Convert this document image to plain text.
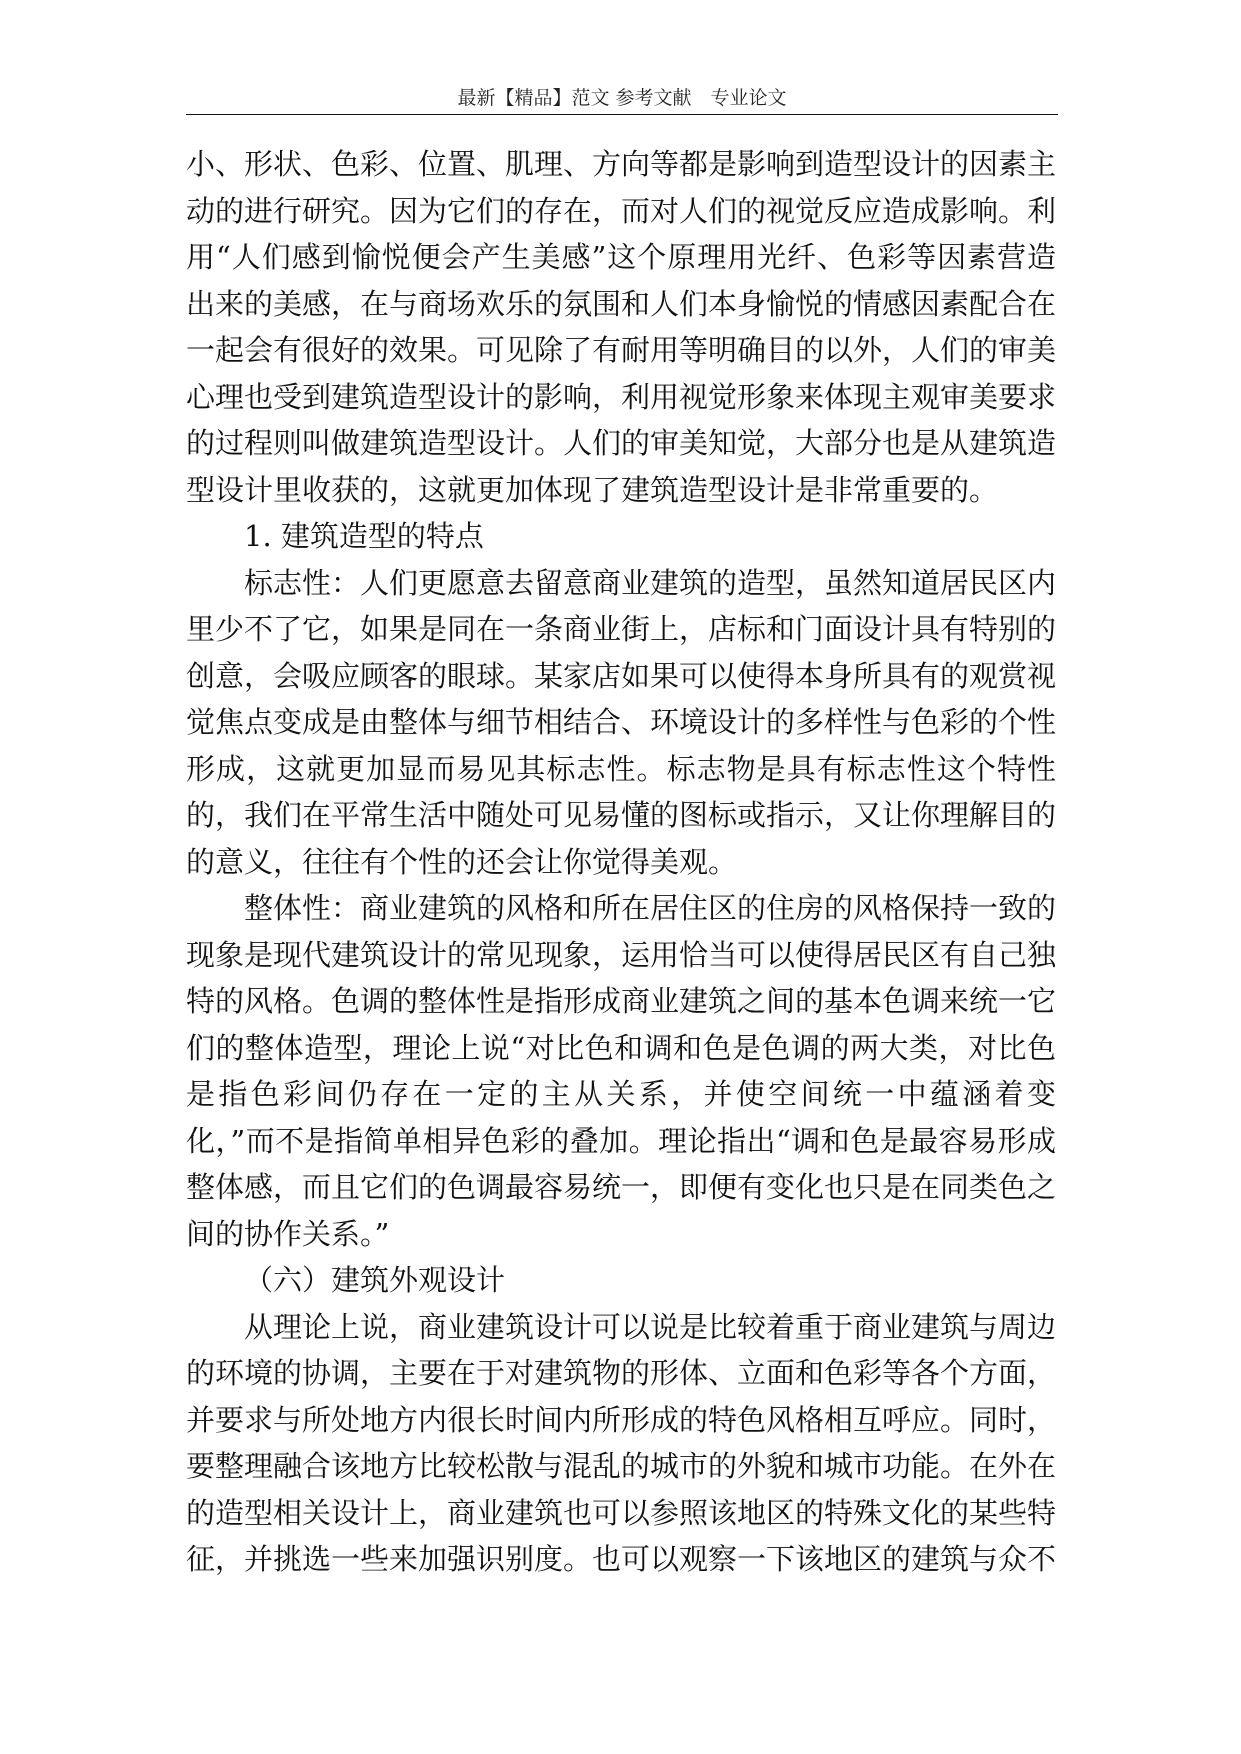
最新【精品】范文 参考文献　专业论文

小、形状、色彩、位置、肌理、方向等都是影响到造型设计的因素主动的进行研究。因为它们的存在，而对人们的视觉反应造成影响。利用“人们感到愉悦便会产生美感”这个原理用光纤、色彩等因素营造出来的美感，在与商场欢乐的氛围和人们本身愉悦的情感因素配合在一起会有很好的效果。可见除了有耐用等明确目的以外，人们的审美心理也受到建筑造型设计的影响，利用视觉形象来体现主观审美要求的过程则叫做建筑造型设计。人们的审美知觉，大部分也是从建筑造型设计里收获的，这就更加体现了建筑造型设计是非常重要的。

1. 建筑造型的特点

标志性：人们更愿意去留意商业建筑的造型，虽然知道居民区内里少不了它，如果是同在一条商业街上，店标和门面设计具有特别的创意，会吸应顾客的眼球。某家店如果可以使得本身所具有的观赏视觉焦点变成是由整体与细节相结合、环境设计的多样性与色彩的个性形成，这就更加显而易见其标志性。标志物是具有标志性这个特性的，我们在平常生活中随处可见易懂的图标或指示，又让你理解目的的意义，往往有个性的还会让你觉得美观。

整体性：商业建筑的风格和所在居住区的住房的风格保持一致的现象是现代建筑设计的常见现象，运用恰当可以使得居民区有自己独特的风格。色调的整体性是指形成商业建筑之间的基本色调来统一它们的整体造型，理论上说“对比色和调和色是色调的两大类，对比色是指色彩间仍存在一定的主从关系，并使空间统一中蕴涵着变化，”而不是指简单相异色彩的叠加。理论指出“调和色是最容易形成整体感，而且它们的色调最容易统一，即便有变化也只是在同类色之间的协作关系。”

（六）建筑外观设计

从理论上说，商业建筑设计可以说是比较着重于商业建筑与周边的环境的协调，主要在于对建筑物的形体、立面和色彩等各个方面，并要求与所处地方内很长时间内所形成的特色风格相互呼应。同时，要整理融合该地方比较松散与混乱的城市的外貌和城市功能。在外在的造型相关设计上，商业建筑也可以参照该地区的特殊文化的某些特征，并挑选一些来加强识别度。也可以观察一下该地区的建筑与众不
